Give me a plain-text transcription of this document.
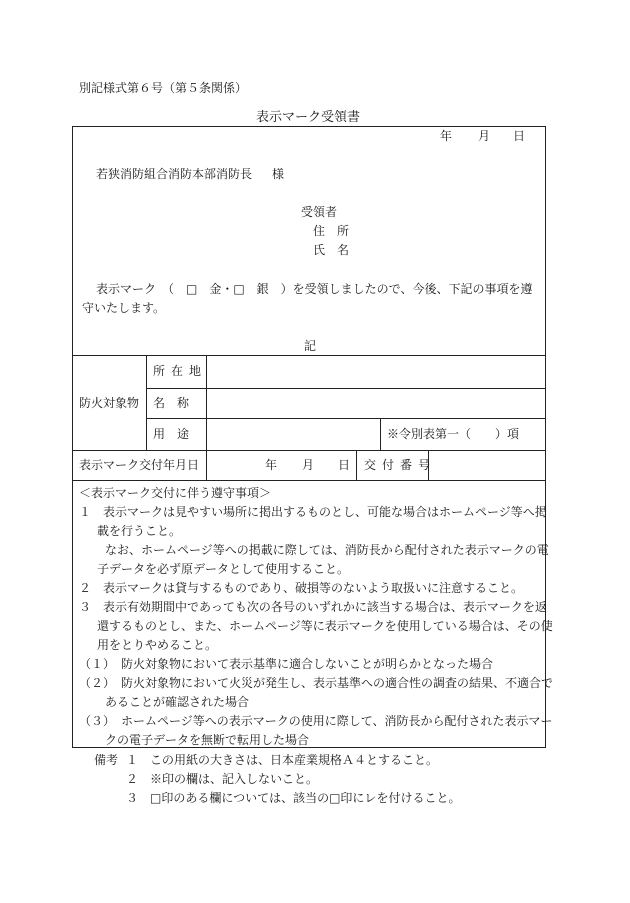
別記様式第６号（第５条関係）
表示マーク受領書
年 月 日
若狭消防組合消防本部消防長 様
受領者
住　所
氏　名
表示マーク　（　□　金・□　銀　）を受領しましたので、今後、下記の事項を遵
守いたします。
記
防火対象物
所在地
名　称
用　途	※令別表第一（　　）項
表示マーク交付年月日	年 月 日 交付番号
＜表示マーク交付に伴う遵守事項＞
１　表示マークは見やすい場所に掲出するものとし、可能な場合はホームページ等へ掲
載を行うこと。
なお、ホームページ等への掲載に際しては、消防長から配付された表示マークの電
子データを必ず原データとして使用すること。
２　表示マークは貸与するものであり、破損等のないよう取扱いに注意すること。
３　表示有効期間中であっても次の各号のいずれかに該当する場合は、表示マークを返
還するものとし、また、ホームページ等に表示マークを使用している場合は、その使
用をとりやめること。
（１）　防火対象物において表示基準に適合しないことが明らかとなった場合
（２）　防火対象物において火災が発生し、表示基準への適合性の調査の結果、不適合で
あることが確認された場合
（３）　ホームページ等への表示マークの使用に際して、消防長から配付された表示マー
クの電子データを無断で転用した場合
備考 １　この用紙の大きさは、日本産業規格Ａ４とすること。
２　※印の欄は、記入しないこと。
３　□印のある欄については、該当の□印にレを付けること。
